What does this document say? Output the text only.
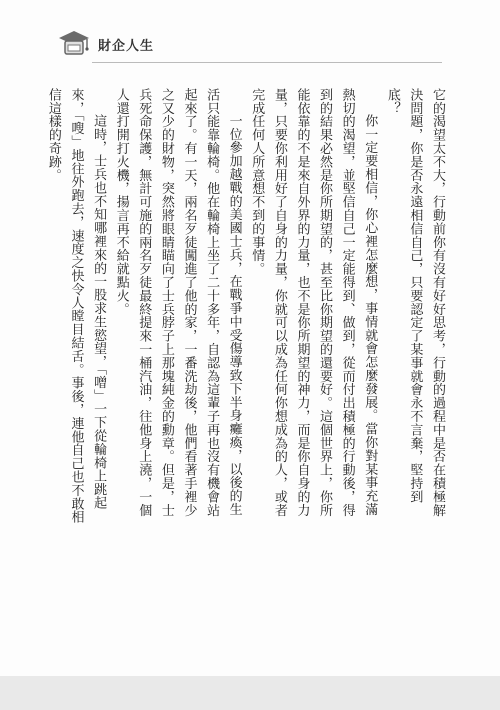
財企人生

它的渴望太不大，行動前你有沒有好好思考，行動的過程中是否在積極解決問題，你是否永遠相信自己，只要認定了某事就會永不言棄，堅持到底？

你一定要相信，你心裡怎麼想，事情就會怎麼發展。當你對某事充滿熱切的渴望，並堅信自己一定能得到、做到，從而付出積極的行動後，得到的結果必然是你所期望的，甚至比你期望的還要好。這個世界上，你所能依靠的不是來自外界的力量，也不是你所期望的神力，而是你自身的力量，只要你利用好了自身的力量，你就可以成為任何你想成為的人，或者完成任何人所意想不到的事情。

一位參加越戰的美國士兵，在戰爭中受傷導致下半身癱瘓，以後的生活只能靠輪椅。他在輪椅上坐了二十多年，自認為這輩子再也沒有機會站起來了。有一天，兩名歹徒闖進了他的家，一番洗劫後，他們看著手裡少之又少的財物，突然將眼睛瞄向了士兵脖子上那塊純金的勳章。但是，士兵死命保護，無計可施的兩名歹徒最終提來一桶汽油，往他身上澆，一個人還打開打火機，揚言再不給就點火。

這時，士兵也不知哪裡來的一股求生慾望，「噌」一下從輪椅上跳起來，「嗖」地往外跑去，速度之快令人瞠目結舌。事後，連他自己也不敢相信這樣的奇跡。
